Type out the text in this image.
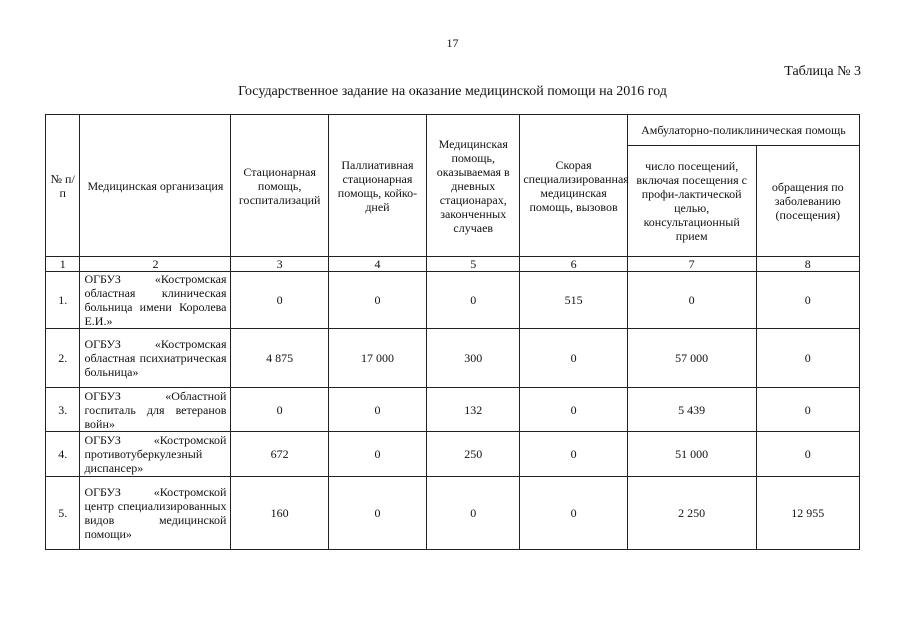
17
Таблица № 3
Государственное задание на оказание медицинской помощи на 2016 год
№ п/п	Медицинская организация	Стационарная помощь, госпитализаций	Паллиативная стационарная помощь, койко-дней	Медицинская помощь, оказываемая в дневных стационарах, законченных случаев	Скорая специализированная медицинская помощь, вызовов	Амбулаторно-поликлиническая помощь	
						число посещений, включая посещения с профи-лактической целью, консультационный прием	обращения по заболеванию (посещения)
1	2	3	4	5	6	7	8
1.	ОГБУЗ «Костромская областная клиническая больница имени Королева Е.И.»	0	0	0	515	0	0
2.	ОГБУЗ «Костромская областная психиатрическая больница»	4 875	17 000	300	0	57 000	0
3.	ОГБУЗ «Областной госпиталь для ветеранов войн»	0	0	132	0	5 439	0
4.	ОГБУЗ «Костромской противотуберкулезный диспансер»	672	0	250	0	51 000	0
5.	ОГБУЗ «Костромской центр специализированных видов медицинской помощи»	160	0	0	0	2 250	12 955
